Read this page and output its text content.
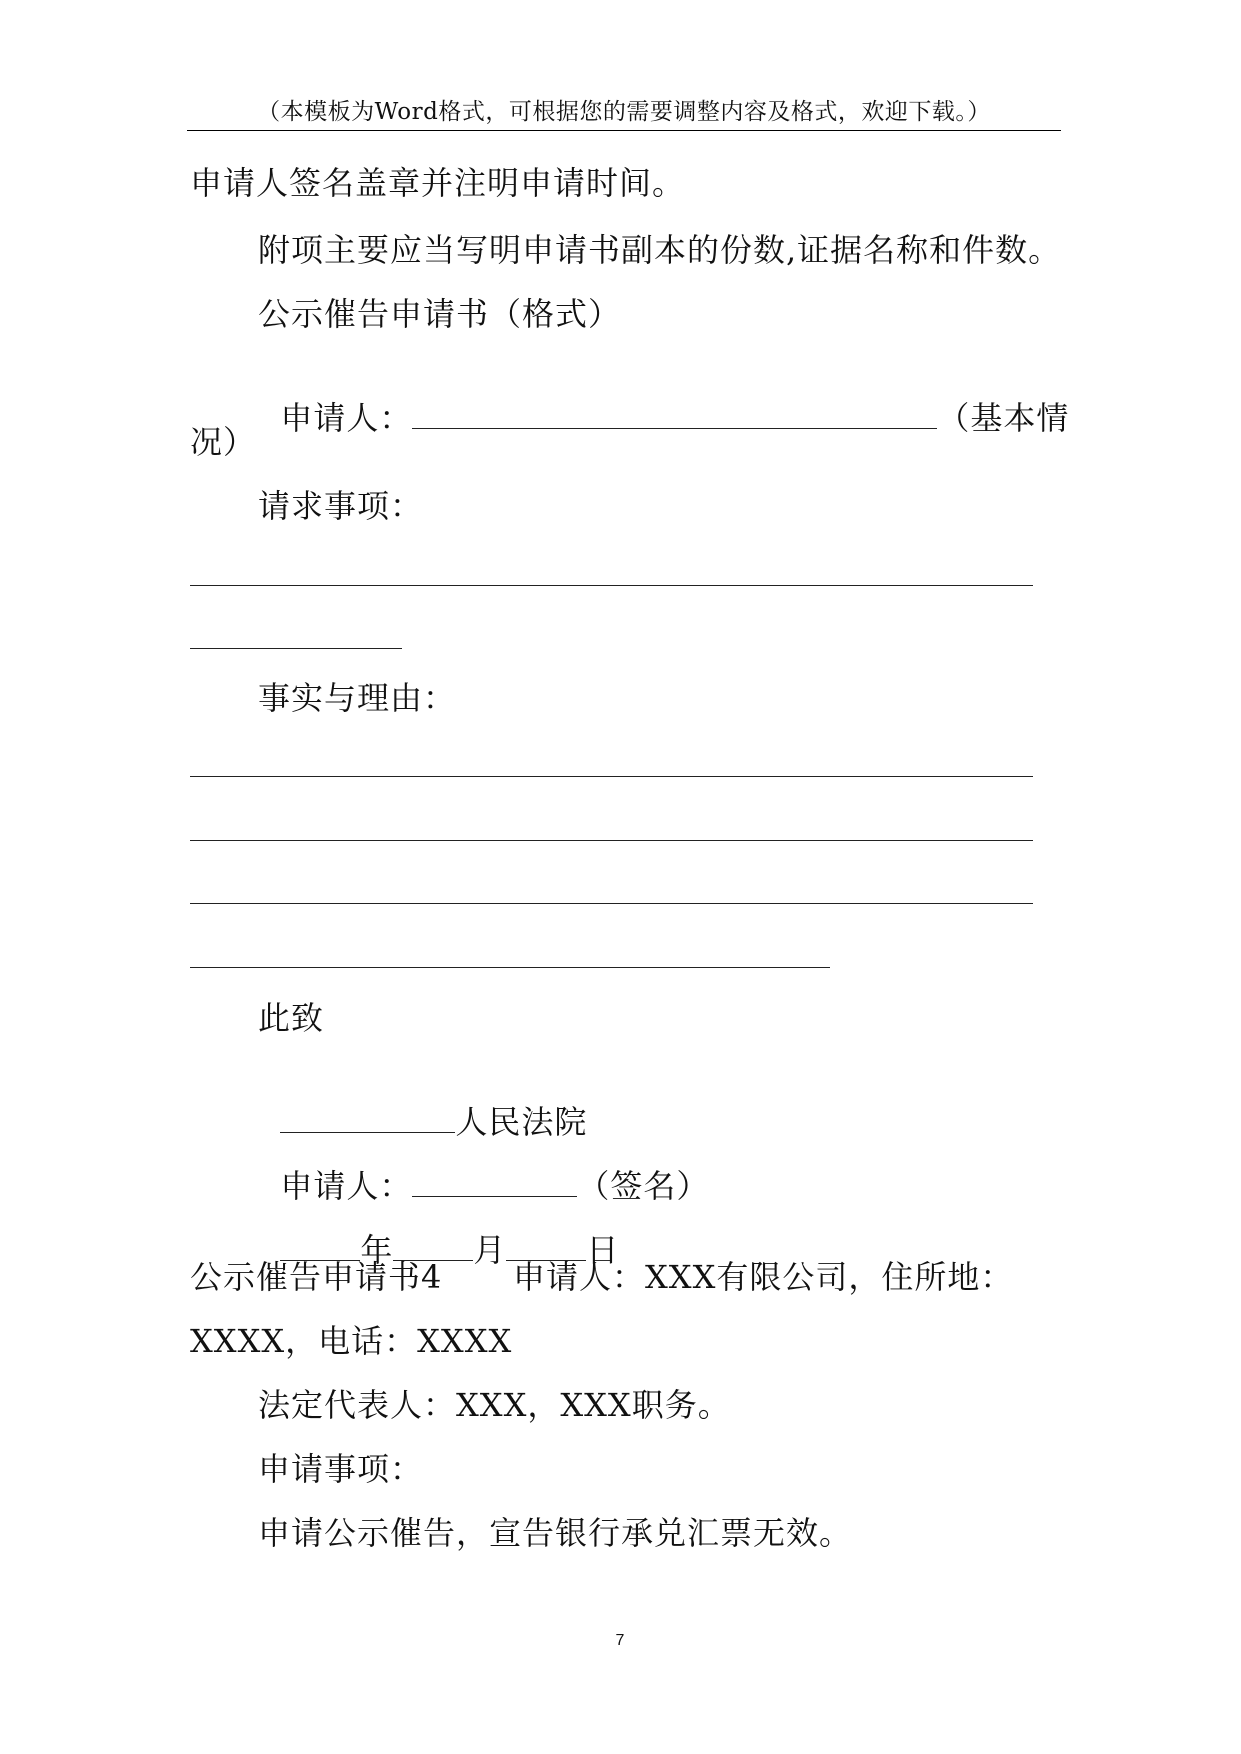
（本模板为Word格式，可根据您的需要调整内容及格式，欢迎下载。）
申请人签名盖章并注明申请时间。
附项主要应当写明申请书副本的份数,证据名称和件数。
公示催告申请书（格式）

申请人：	（基本情

况）
请求事项：
事实与理由：
此致

人民法院

申请人：	（签名）

年	月	日

公示催告申请书4 申请人：XXX有限公司，住所地：
XXXX，电话：XXXX
法定代表人：XXX，XXX职务。
申请事项：
申请公示催告，宣告银行承兑汇票无效。
7
